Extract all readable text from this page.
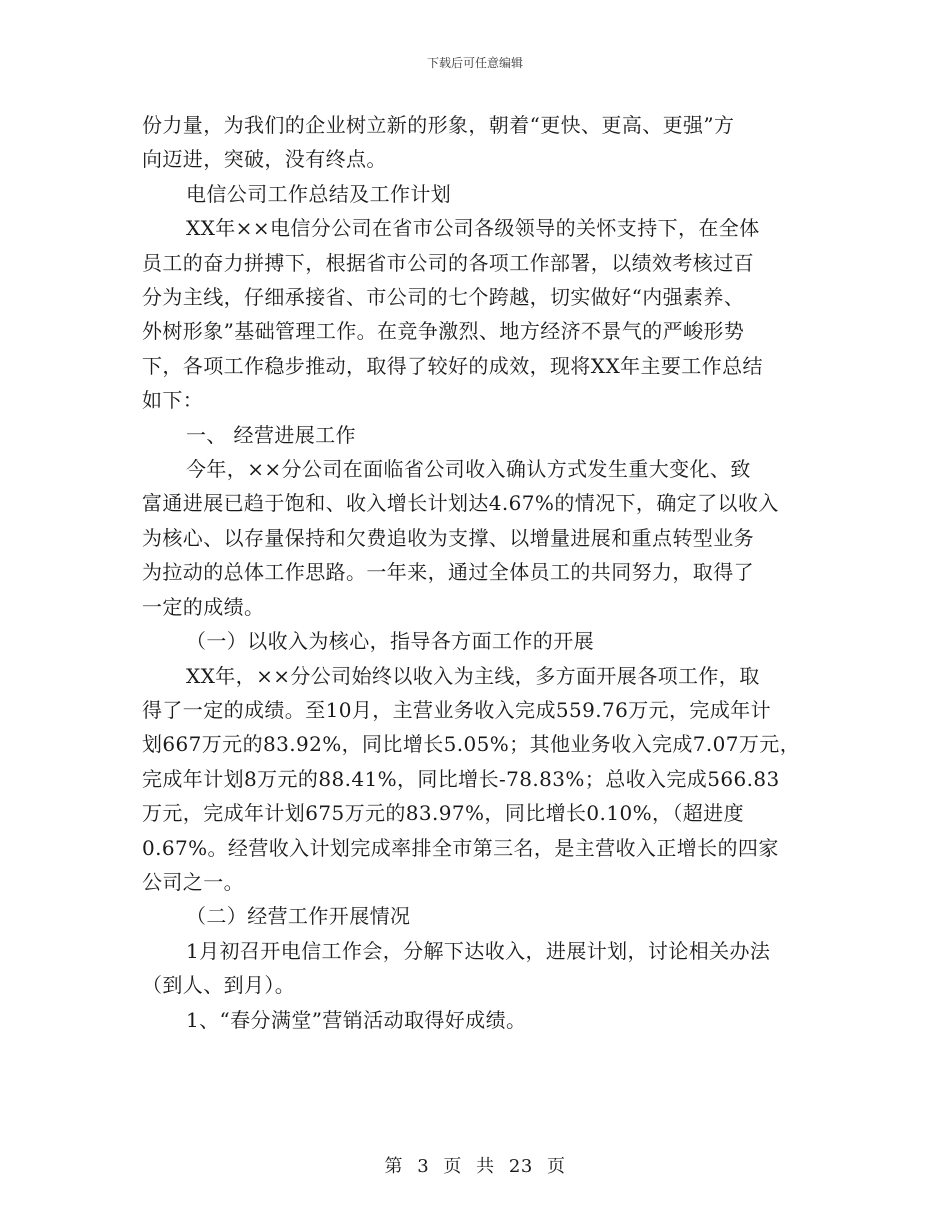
下载后可任意编辑
份力量，为我们的企业树立新的形象，朝着“更快、更高、更强”方
向迈进，突破，没有终点。
电信公司工作总结及工作计划
XX年××电信分公司在省市公司各级领导的关怀支持下，在全体
员工的奋力拼搏下，根据省市公司的各项工作部署，以绩效考核过百
分为主线，仔细承接省、市公司的七个跨越，切实做好“内强素养、
外树形象”基础管理工作。在竞争激烈、地方经济不景气的严峻形势
下，各项工作稳步推动，取得了较好的成效，现将XX年主要工作总结
如下：
一、 经营进展工作
今年，××分公司在面临省公司收入确认方式发生重大变化、致
富通进展已趋于饱和、收入增长计划达4.67%的情况下，确定了以收入
为核心、以存量保持和欠费追收为支撑、以增量进展和重点转型业务
为拉动的总体工作思路。一年来，通过全体员工的共同努力，取得了
一定的成绩。
（一）以收入为核心，指导各方面工作的开展
XX年，××分公司始终以收入为主线，多方面开展各项工作，取
得了一定的成绩。至10月，主营业务收入完成559.76万元，完成年计
划667万元的83.92%，同比增长5.05%；其他业务收入完成7.07万元，
完成年计划8万元的88.41%，同比增长-78.83%；总收入完成566.83
万元，完成年计划675万元的83.97%，同比增长0.10%，（超进度
0.67%。经营收入计划完成率排全市第三名，是主营收入正增长的四家
公司之一。
（二）经营工作开展情况
1月初召开电信工作会，分解下达收入，进展计划，讨论相关办法
（到人、到月）。
1、“春分满堂”营销活动取得好成绩。
第 3 页 共 23 页
